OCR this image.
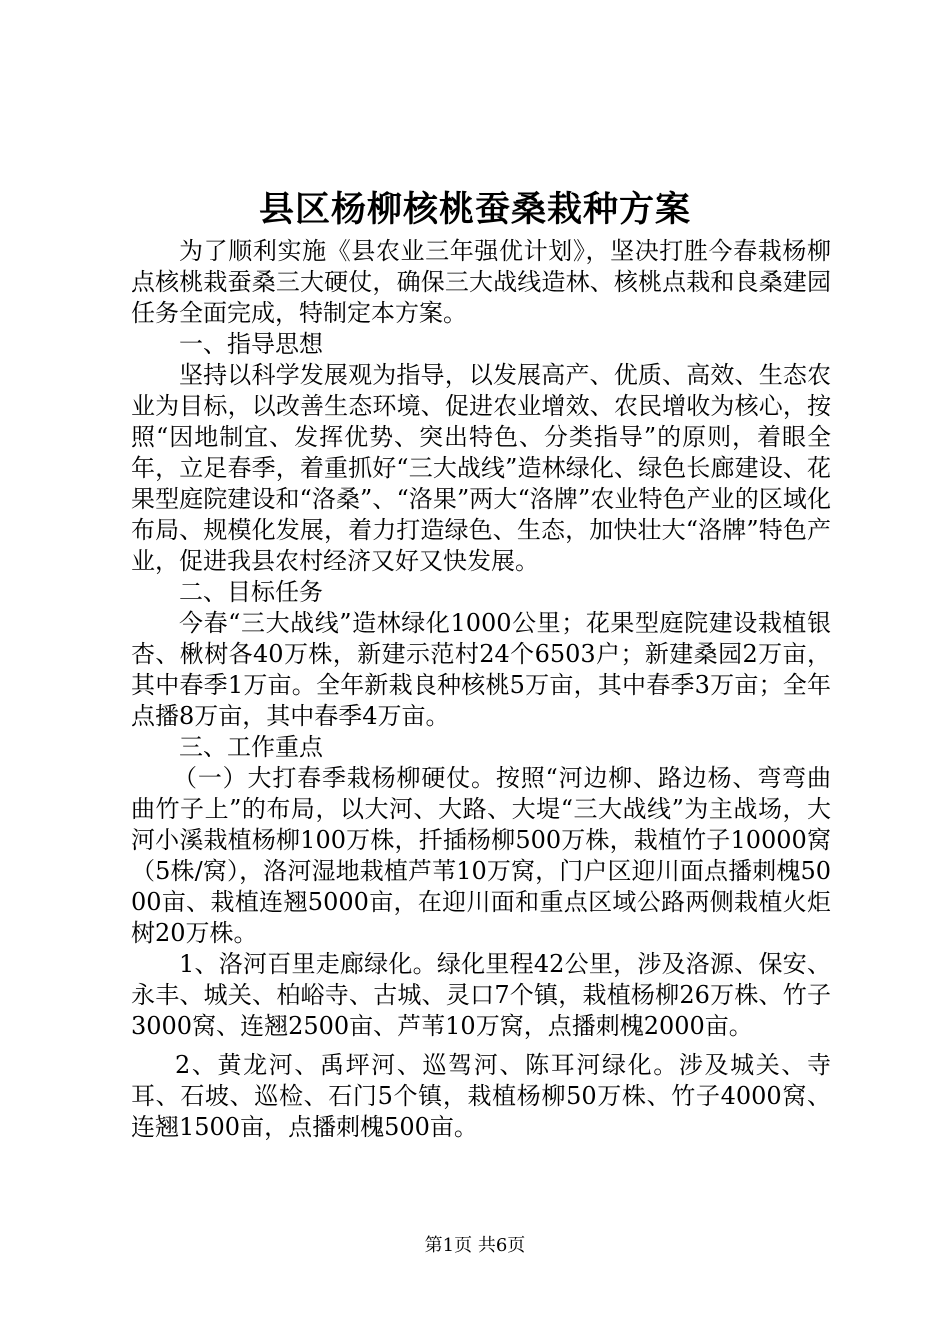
县区杨柳核桃蚕桑栽种方案

为了顺利实施《县农业三年强优计划》，坚决打胜今春栽杨柳点核桃栽蚕桑三大硬仗，确保三大战线造林、核桃点栽和良桑建园任务全面完成，特制定本方案。

一、指导思想

坚持以科学发展观为指导，以发展高产、优质、高效、生态农业为目标，以改善生态环境、促进农业增效、农民增收为核心，按照“因地制宜、发挥优势、突出特色、分类指导”的原则，着眼全年，立足春季，着重抓好“三大战线”造林绿化、绿色长廊建设、花果型庭院建设和“洛桑”、“洛果”两大“洛牌”农业特色产业的区域化布局、规模化发展，着力打造绿色、生态，加快壮大“洛牌”特色产业，促进我县农村经济又好又快发展。

二、目标任务

今春“三大战线”造林绿化1000公里；花果型庭院建设栽植银杏、楸树各40万株，新建示范村24个6503户；新建桑园2万亩，其中春季1万亩。全年新栽良种核桃5万亩，其中春季3万亩；全年点播8万亩，其中春季4万亩。

三、工作重点

（一）大打春季栽杨柳硬仗。按照“河边柳、路边杨、弯弯曲曲竹子上”的布局，以大河、大路、大堤“三大战线”为主战场，大河小溪栽植杨柳100万株，扦插杨柳500万株，栽植竹子10000窝（5株/窝），洛河湿地栽植芦苇10万窝，门户区迎川面点播刺槐5000亩、栽植连翘5000亩，在迎川面和重点区域公路两侧栽植火炬树20万株。

1、洛河百里走廊绿化。绿化里程42公里，涉及洛源、保安、永丰、城关、柏峪寺、古城、灵口7个镇，栽植杨柳26万株、竹子3000窝、连翘2500亩、芦苇10万窝，点播刺槐2000亩。

2、黄龙河、禹坪河、巡驾河、陈耳河绿化。涉及城关、寺耳、石坡、巡检、石门5个镇，栽植杨柳50万株、竹子4000窝、连翘1500亩，点播刺槐500亩。

第1页 共6页
